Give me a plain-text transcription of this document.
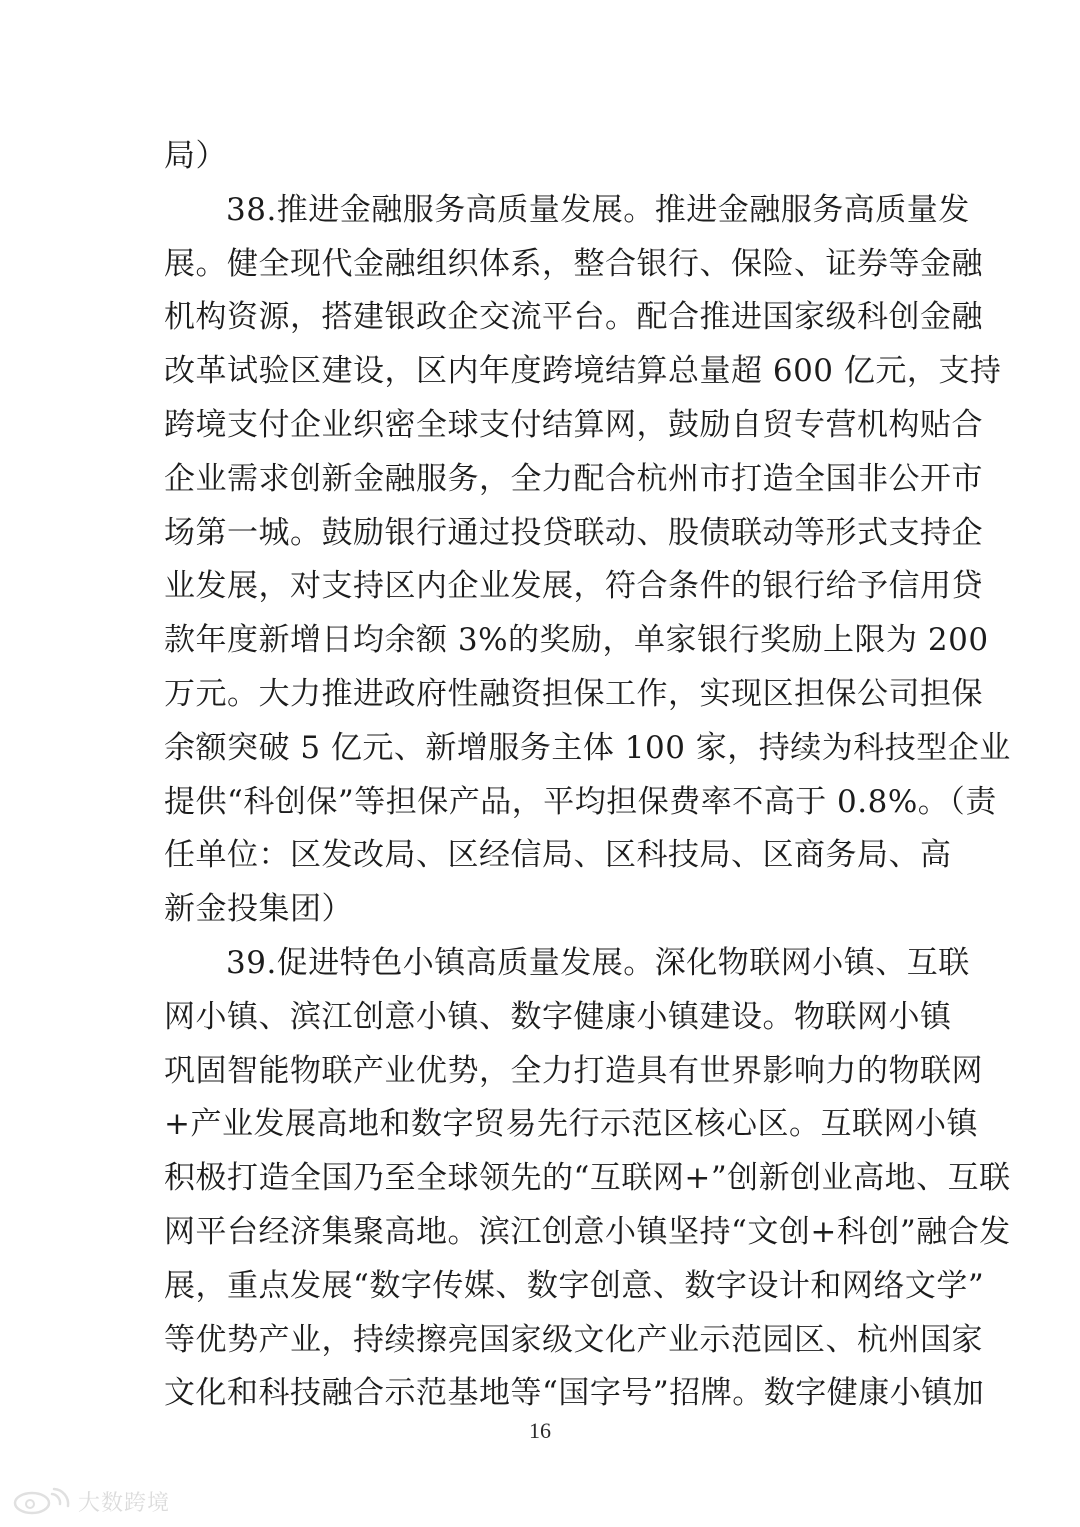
局）
38.推进金融服务高质量发展。推进金融服务高质量发
展。健全现代金融组织体系，整合银行、保险、证券等金融
机构资源，搭建银政企交流平台。配合推进国家级科创金融
改革试验区建设，区内年度跨境结算总量超 600 亿元，支持
跨境支付企业织密全球支付结算网，鼓励自贸专营机构贴合
企业需求创新金融服务，全力配合杭州市打造全国非公开市
场第一城。鼓励银行通过投贷联动、股债联动等形式支持企
业发展，对支持区内企业发展，符合条件的银行给予信用贷
款年度新增日均余额 3%的奖励，单家银行奖励上限为 200
万元。大力推进政府性融资担保工作，实现区担保公司担保
余额突破 5 亿元、新增服务主体 100 家，持续为科技型企业
提供“科创保”等担保产品，平均担保费率不高于 0.8%。（责
任单位：区发改局、区经信局、区科技局、区商务局、高
新金投集团）
39.促进特色小镇高质量发展。深化物联网小镇、互联
网小镇、滨江创意小镇、数字健康小镇建设。物联网小镇
巩固智能物联产业优势，全力打造具有世界影响力的物联网
+产业发展高地和数字贸易先行示范区核心区。互联网小镇
积极打造全国乃至全球领先的“互联网+”创新创业高地、互联
网平台经济集聚高地。滨江创意小镇坚持“文创+科创”融合发
展，重点发展“数字传媒、数字创意、数字设计和网络文学”
等优势产业，持续擦亮国家级文化产业示范园区、杭州国家
文化和科技融合示范基地等“国字号”招牌。数字健康小镇加
16
大数跨境
